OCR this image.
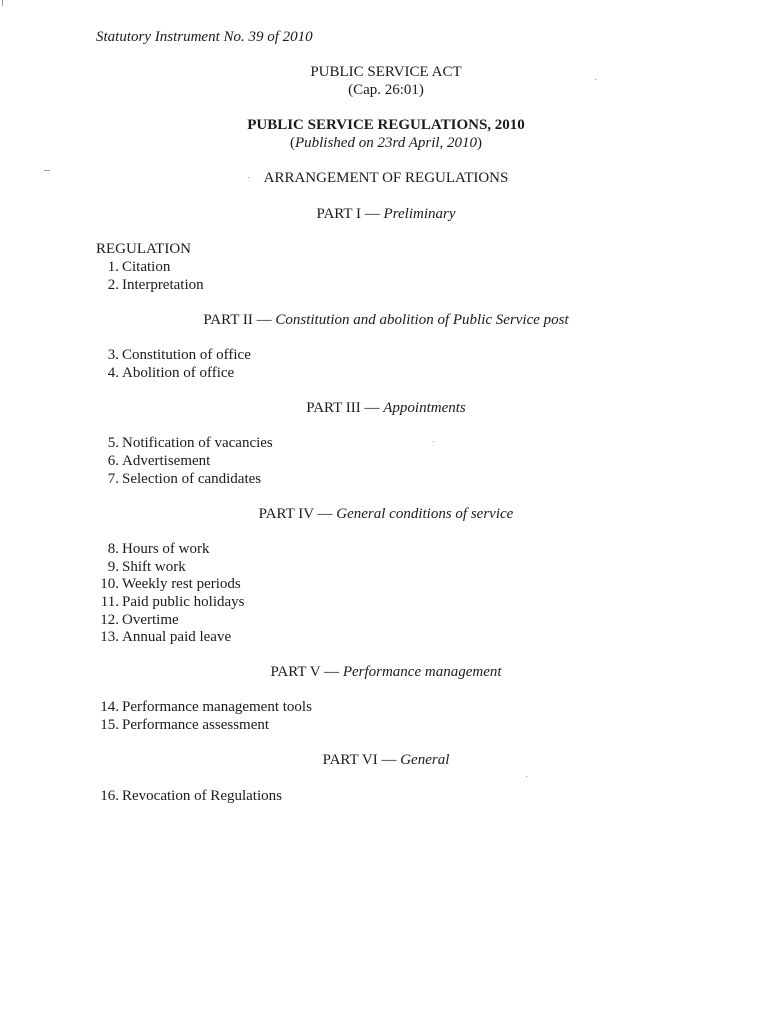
Statutory Instrument No. 39 of 2010
PUBLIC SERVICE ACT
(Cap. 26:01)
PUBLIC SERVICE REGULATIONS, 2010
(Published on 23rd April, 2010)
ARRANGEMENT OF REGULATIONS
PART I — Preliminary
REGULATION
1. Citation
2. Interpretation
PART II — Constitution and abolition of Public Service post
3. Constitution of office
4. Abolition of office
PART III — Appointments
5. Notification of vacancies
6. Advertisement
7. Selection of candidates
PART IV — General conditions of service
8. Hours of work
9. Shift work
10. Weekly rest periods
11. Paid public holidays
12. Overtime
13. Annual paid leave
PART V — Performance management
14. Performance management tools
15. Performance assessment
PART VI — General
16. Revocation of Regulations
